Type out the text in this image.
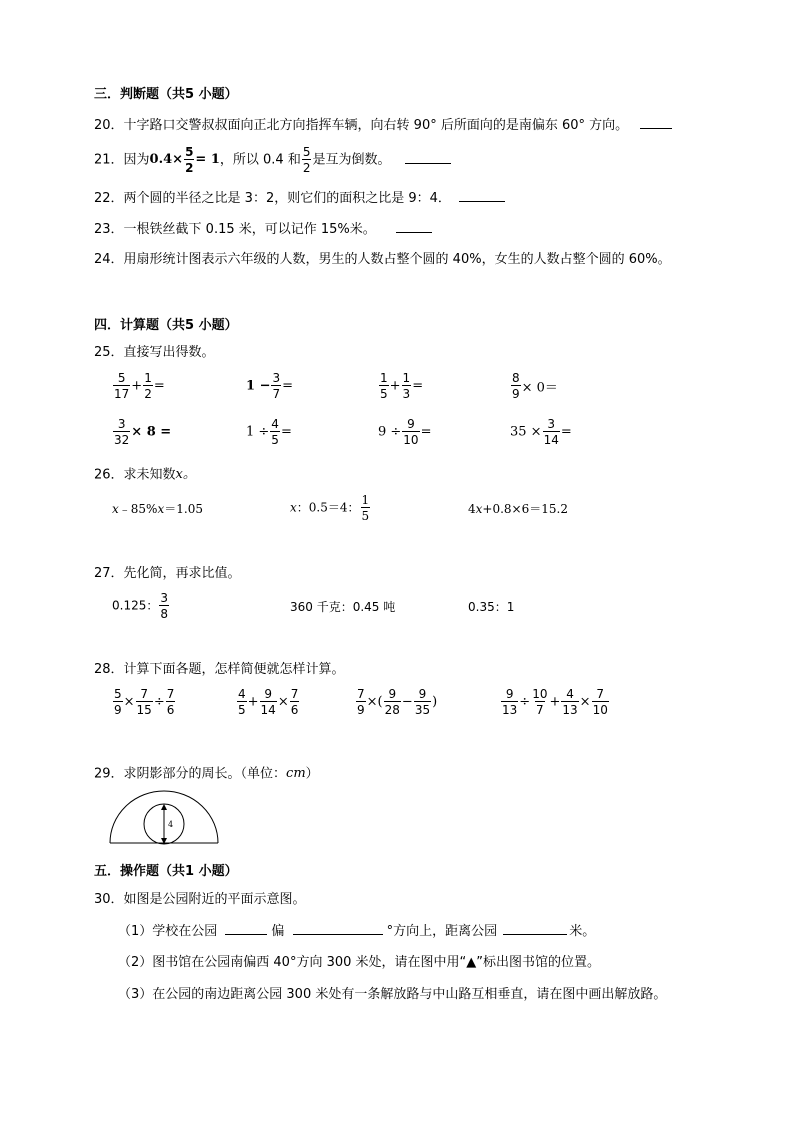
三．判断题（共5 小题）
20．十字路口交警叔叔面向正北方向指挥车辆，向右转 90° 后所面向的是南偏东 60° 方向。
21．因为$0.4\times \frac{5}{2} = 1$，所以 0.4 和 $\frac{5}{2}$ 是互为倒数。
22．两个圆的半径之比是 3：2，则它们的面积之比是 9：4．
23．一根铁丝截下 0.15 米，可以记作 15%米。
24．用扇形统计图表示六年级的人数，男生的人数占整个圆的 40%，女生的人数占整个圆的 60%。
四．计算题（共5 小题）
25．直接写出得数。
$\frac{5}{17} + \frac{1}{2}$ =	$1 - \frac{3}{7}$ =	$\frac{1}{5} + \frac{1}{3}$ =	$\frac{8}{9} \times 0=$
$\frac{3}{32} \times 8$ =	$1 \div \frac{4}{5}$ =	$9 \div \frac{9}{10}$ =	$35 \times \frac{3}{14}$ =
26．求未知数x。
x﹣85%x＝1.05	x：0.5＝4： $\frac{1}{5}$	4x+0.8×6＝15.2
27．先化简，再求比值。
0.125： $\frac{3}{8}$	360 千克：0.45 吨	0.35：1
28．计算下面各题，怎样简便就怎样计算。
$\frac{5}{9} \times \frac{7}{15} \div \frac{7}{6}$	$\frac{4}{5} + \frac{9}{14} \times \frac{7}{6}$	$\frac{7}{9}$ ×( $\frac{9}{28} - \frac{9}{35}$ )	$\frac{9}{13} \div \frac{10}{7} + \frac{4}{13} \times \frac{7}{10}$
29．求阴影部分的周长。（单位：cm）
4
五．操作题（共1 小题）
30．如图是公园附近的平面示意图。
（1）学校在公园	偏	°方向上，距离公园	米。
（2）图书馆在公园南偏西 40°方向 300 米处，请在图中用“▲”标出图书馆的位置。
（3）在公园的南边距离公园 300 米处有一条解放路与中山路互相垂直，请在图中画出解放路。
